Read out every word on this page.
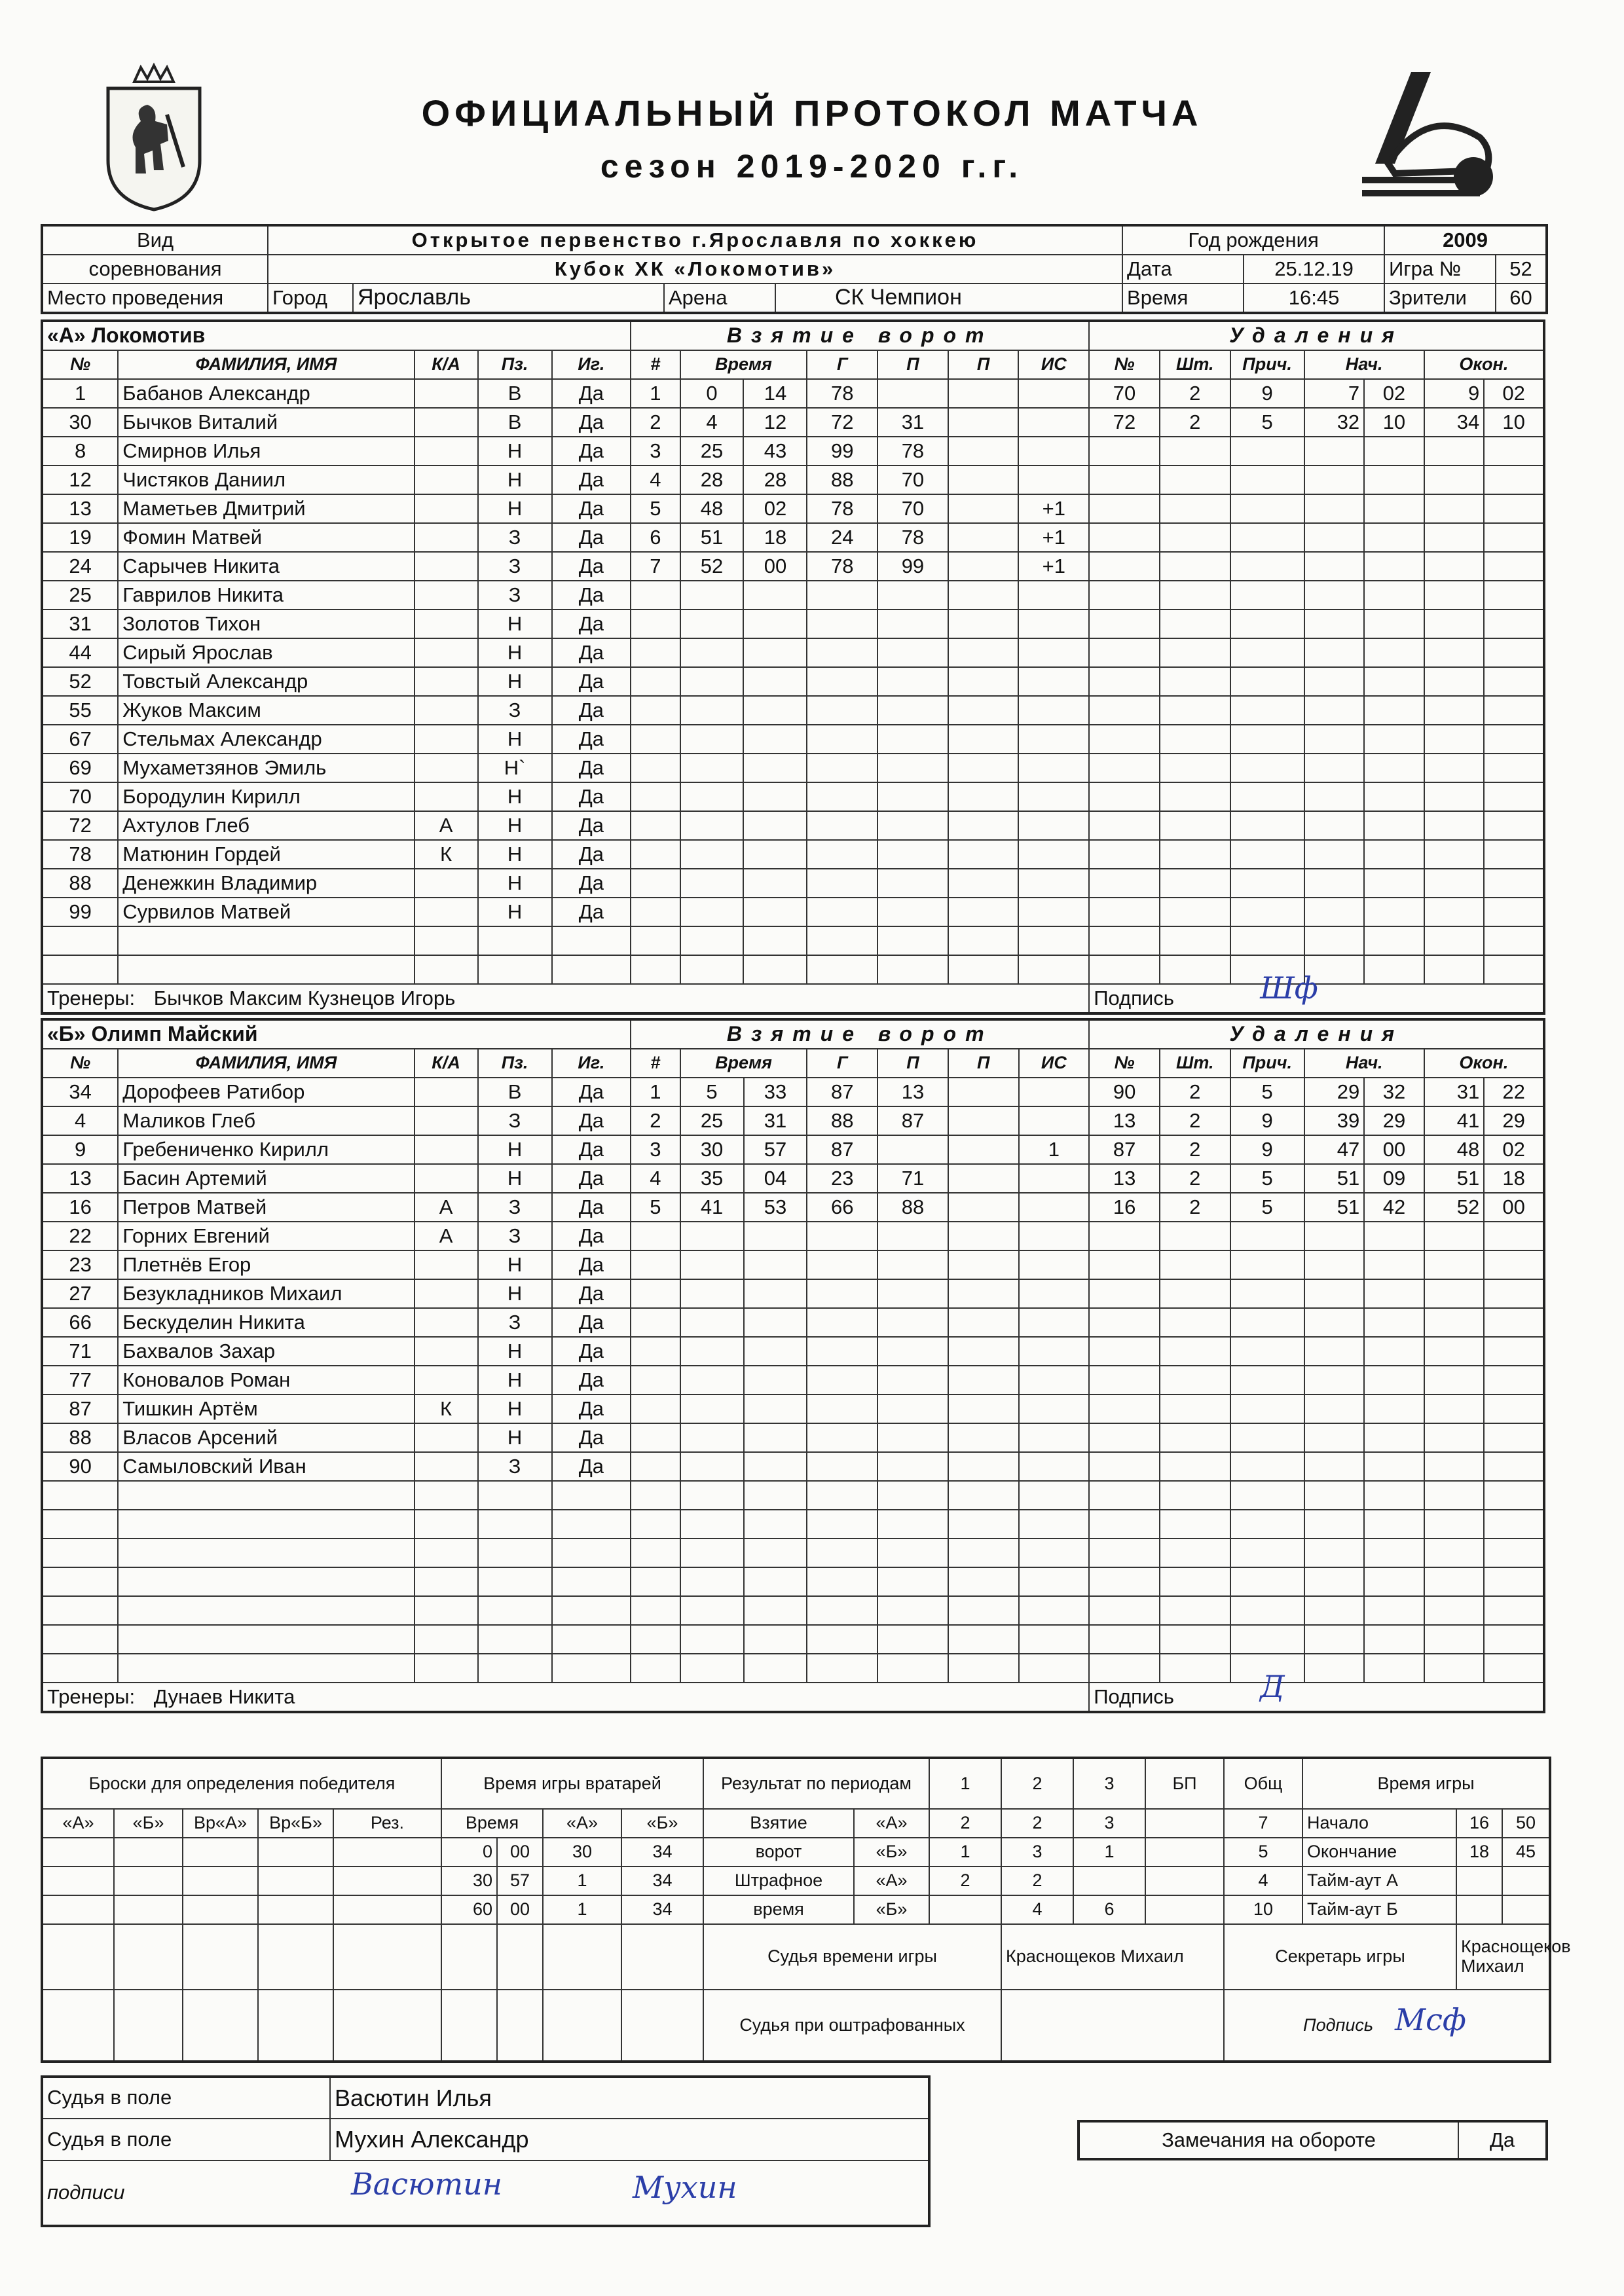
ОФИЦИАЛЬНЫЙ ПРОТОКОЛ МАТЧА
сезон 2019-2020 г.г.
Вид	Открытое первенство г.Ярославля по хоккею				Год рождения		2009	
соревнования	Кубок ХК «Локомотив»				Дата	25.12.19	Игра №	52
Место проведения	Город	Ярославль	Арена	СК Чемпион	Время	16:45	Зрители	60
«А» Локомотив					Взятие ворот							Удаления						
№	ФАМИЛИЯ, ИМЯ	К/А	Пз.	Иг.	#	Время		Г	П	П	ИС	№	Шт.	Прич.	Нач.		Окон.	
1	Бабанов Александр		В	Да	1	0	14	78				70	2	9	7	02	9	02
30	Бычков Виталий		В	Да	2	4	12	72	31			72	2	5	32	10	34	10
8	Смирнов Илья		Н	Да	3	25	43	99	78									
12	Чистяков Даниил		Н	Да	4	28	28	88	70									
13	Маметьев Дмитрий		Н	Да	5	48	02	78	70		+1							
19	Фомин Матвей		З	Да	6	51	18	24	78		+1							
24	Сарычев Никита		З	Да	7	52	00	78	99		+1							
25	Гаврилов Никита		З	Да														
31	Золотов Тихон		Н	Да														
44	Сирый Ярослав		Н	Да														
52	Товстый Александр		Н	Да														
55	Жуков Максим		З	Да														
67	Стельмах Александр		Н	Да														
69	Мухаметзянов Эмиль		Н`	Да														
70	Бородулин Кирилл		Н	Да														
72	Ахтулов Глеб	А	Н	Да														
78	Матюнин Гордей	К	Н	Да														
88	Денежкин Владимир		Н	Да														
99	Сурвилов Матвей		Н	Да														

Тренеры: Бычков Максим Кузнецов Игорь												Подпись Шф						
«Б» Олимп Майский					Взятие ворот							Удаления						
№	ФАМИЛИЯ, ИМЯ	К/А	Пз.	Иг.	#	Время		Г	П	П	ИС	№	Шт.	Прич.	Нач.		Окон.	
34	Дорофеев Ратибор		В	Да	1	5	33	87	13			90	2	5	29	32	31	22
4	Маликов Глеб		З	Да	2	25	31	88	87			13	2	9	39	29	41	29
9	Гребениченко Кирилл		Н	Да	3	30	57	87			1	87	2	9	47	00	48	02
13	Басин Артемий		Н	Да	4	35	04	23	71			13	2	5	51	09	51	18
16	Петров Матвей	А	З	Да	5	41	53	66	88			16	2	5	51	42	52	00
22	Горних Евгений	А	З	Да														
23	Плетнёв Егор		Н	Да														
27	Безукладников Михаил		Н	Да														
66	Бескуделин Никита		З	Да														
71	Бахвалов Захар		Н	Да														
77	Коновалов Роман		Н	Да														
87	Тишкин Артём	К	Н	Да														
88	Власов Арсений		Н	Да														
90	Самыловский Иван		З	Да														

Тренеры: Дунаев Никита												Подпись Д						
Броски для определения победителя					Время игры вратарей				Результат по периодам		1	2	3	БП	Общ	Время игры		
«А»	«Б»	Вр«А»	Вр«Б»	Рез.	Время		«А»	«Б»	Взятие	«А»	2	2	3		7	Начало	16	50
					0	00	30	34	ворот	«Б»	1	3	1		5	Окончание	18	45
					30	57	1	34	Штрафное	«А»	2	2			4	Тайм-аут А		
					60	00	1	34	время	«Б»		4	6		10	Тайм-аут Б		
									Судья времени игры			Краснощеков Михаил			Секретарь игры		Краснощеков Михаил	
									Судья при оштрафованных						Подпись Мсф			
Судья в поле	Васютин Илья
Судья в поле	Мухин Александр
подписи Васютин Мухин	
Замечания на обороте	Да
